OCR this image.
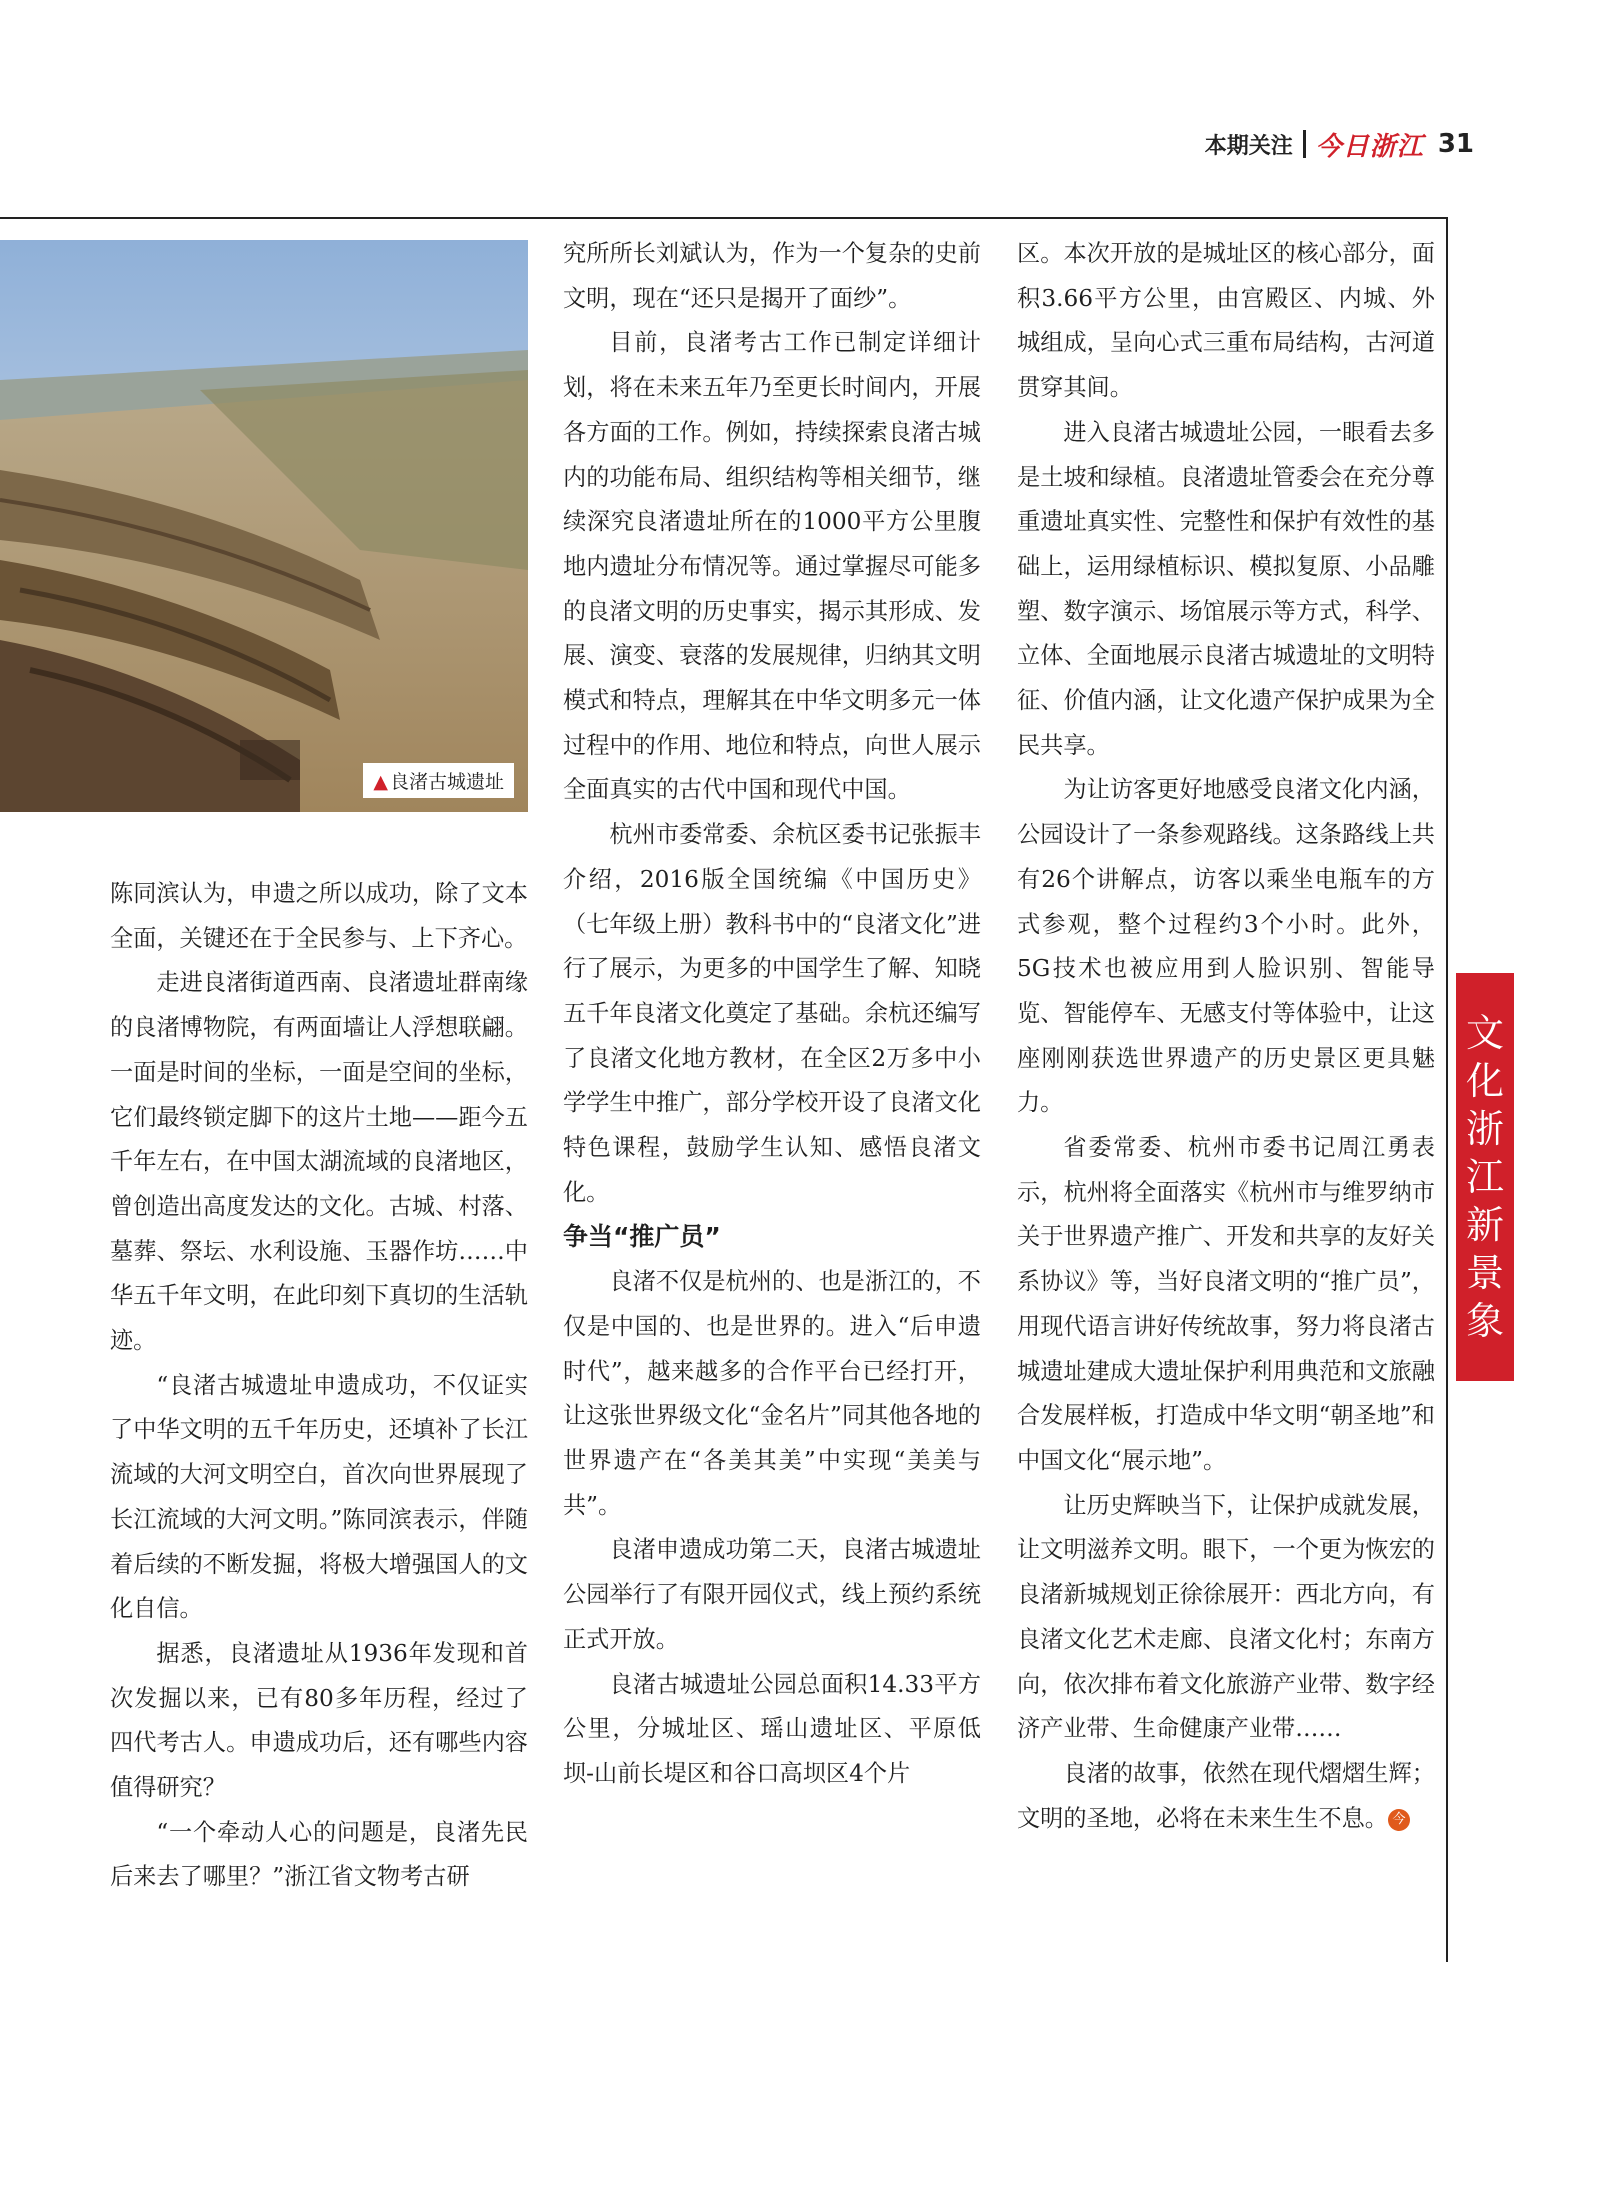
本期关注 今日浙江 31
▲ 良渚古城遗址

陈同滨认为，申遗之所以成功，除了文本全面，关键还在于全民参与、上下齐心。

走进良渚街道西南、良渚遗址群南缘的良渚博物院，有两面墙让人浮想联翩。一面是时间的坐标，一面是空间的坐标，它们最终锁定脚下的这片土地——距今五千年左右，在中国太湖流域的良渚地区，曾创造出高度发达的文化。古城、村落、墓葬、祭坛、水利设施、玉器作坊……中华五千年文明，在此印刻下真切的生活轨迹。

“良渚古城遗址申遗成功，不仅证实了中华文明的五千年历史，还填补了长江流域的大河文明空白，首次向世界展现了长江流域的大河文明。”陈同滨表示，伴随着后续的不断发掘，将极大增强国人的文化自信。

据悉，良渚遗址从1936年发现和首次发掘以来，已有80多年历程，经过了四代考古人。申遗成功后，还有哪些内容值得研究？

“一个牵动人心的问题是，良渚先民后来去了哪里？”浙江省文物考古研

究所所长刘斌认为，作为一个复杂的史前文明，现在“还只是揭开了面纱”。

目前，良渚考古工作已制定详细计划，将在未来五年乃至更长时间内，开展各方面的工作。例如，持续探索良渚古城内的功能布局、组织结构等相关细节，继续深究良渚遗址所在的1000平方公里腹地内遗址分布情况等。通过掌握尽可能多的良渚文明的历史事实，揭示其形成、发展、演变、衰落的发展规律，归纳其文明模式和特点，理解其在中华文明多元一体过程中的作用、地位和特点，向世人展示全面真实的古代中国和现代中国。

杭州市委常委、余杭区委书记张振丰介绍，2016版全国统编《中国历史》（七年级上册）教科书中的“良渚文化”进行了展示，为更多的中国学生了解、知晓五千年良渚文化奠定了基础。余杭还编写了良渚文化地方教材，在全区2万多中小学学生中推广，部分学校开设了良渚文化特色课程，鼓励学生认知、感悟良渚文化。

争当“推广员”

良渚不仅是杭州的、也是浙江的，不仅是中国的、也是世界的。进入“后申遗时代”，越来越多的合作平台已经打开，让这张世界级文化“金名片”同其他各地的世界遗产在“各美其美”中实现“美美与共”。

良渚申遗成功第二天，良渚古城遗址公园举行了有限开园仪式，线上预约系统正式开放。

良渚古城遗址公园总面积14.33平方公里，分城址区、瑶山遗址区、平原低坝-山前长堤区和谷口高坝区4个片

区。本次开放的是城址区的核心部分，面积3.66平方公里，由宫殿区、内城、外城组成，呈向心式三重布局结构，古河道贯穿其间。

进入良渚古城遗址公园，一眼看去多是土坡和绿植。良渚遗址管委会在充分尊重遗址真实性、完整性和保护有效性的基础上，运用绿植标识、模拟复原、小品雕塑、数字演示、场馆展示等方式，科学、立体、全面地展示良渚古城遗址的文明特征、价值内涵，让文化遗产保护成果为全民共享。

为让访客更好地感受良渚文化内涵，公园设计了一条参观路线。这条路线上共有26个讲解点，访客以乘坐电瓶车的方式参观，整个过程约3个小时。此外，5G技术也被应用到人脸识别、智能导览、智能停车、无感支付等体验中，让这座刚刚获选世界遗产的历史景区更具魅力。

省委常委、杭州市委书记周江勇表示，杭州将全面落实《杭州市与维罗纳市关于世界遗产推广、开发和共享的友好关系协议》等，当好良渚文明的“推广员”，用现代语言讲好传统故事，努力将良渚古城遗址建成大遗址保护利用典范和文旅融合发展样板，打造成中华文明“朝圣地”和中国文化“展示地”。

让历史辉映当下，让保护成就发展，让文明滋养文明。眼下，一个更为恢宏的良渚新城规划正徐徐展开：西北方向，有良渚文化艺术走廊、良渚文化村；东南方向，依次排布着文化旅游产业带、数字经济产业带、生命健康产业带……

良渚的故事，依然在现代熠熠生辉；文明的圣地，必将在未来生生不息。 今

文
化
浙
江
新
景
象
